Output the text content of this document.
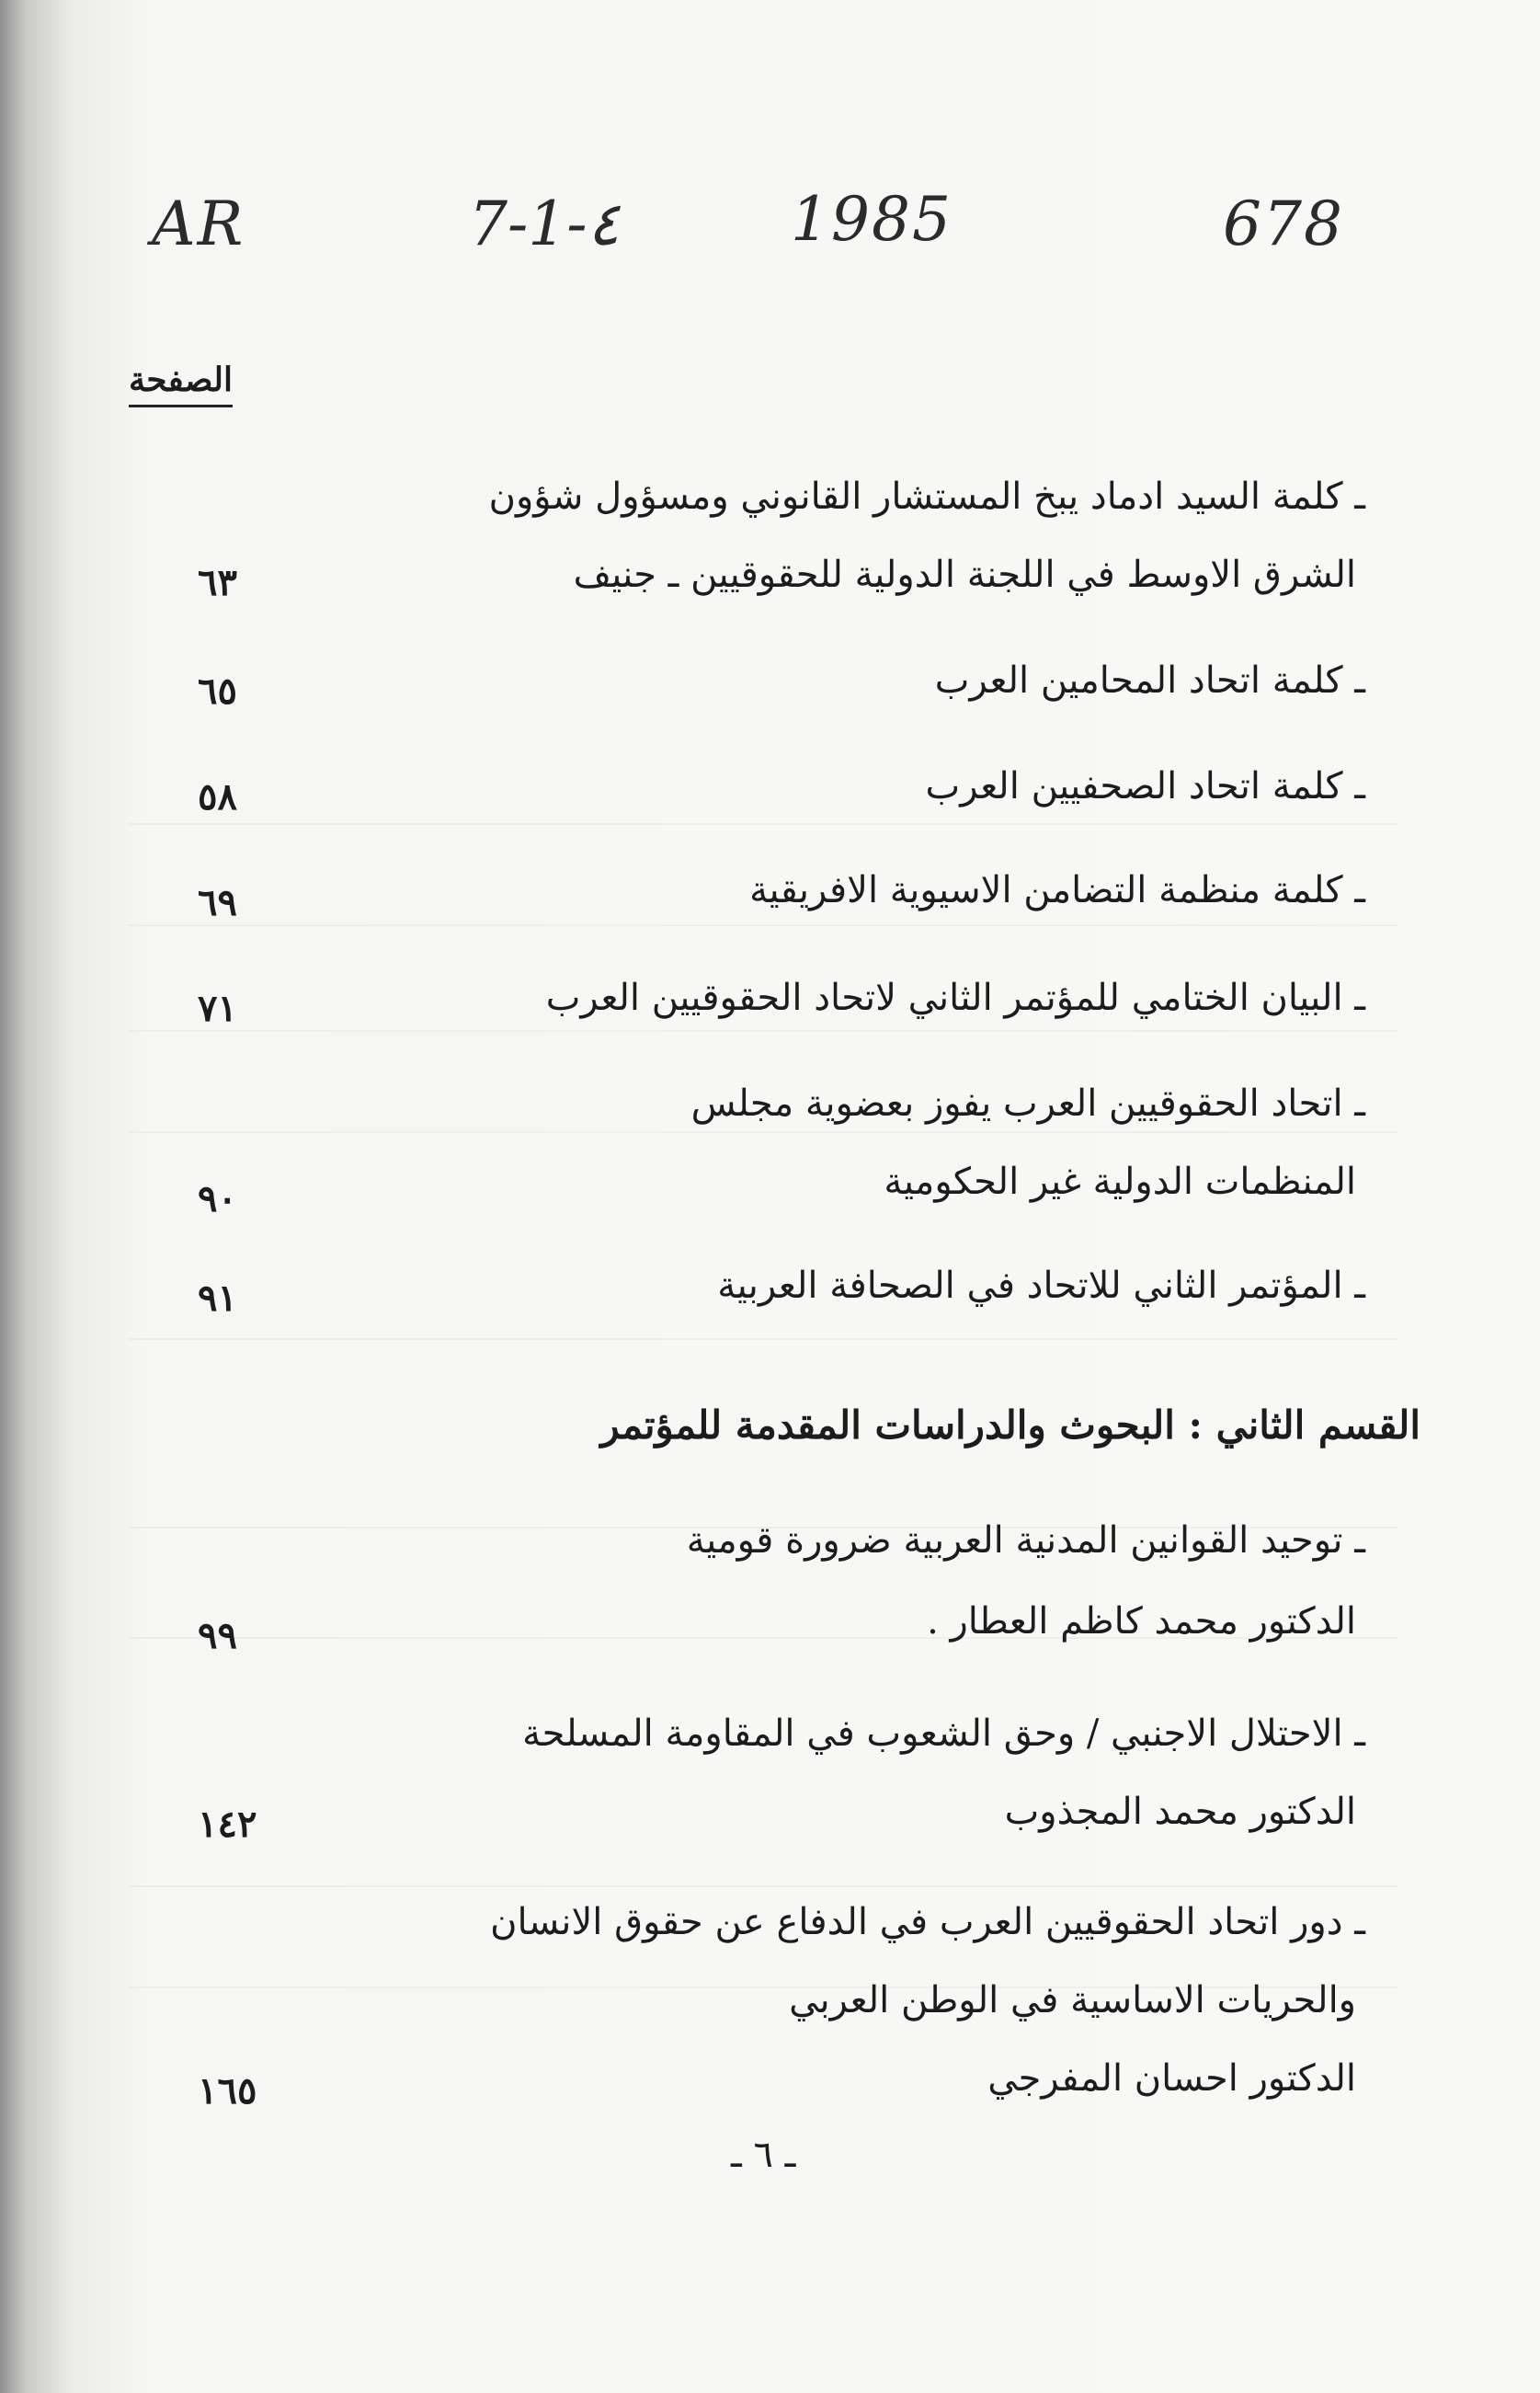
AR	7-1-٤	1985	678
الصفحة
ـ كلمة السيد ادماد يبخ المستشار القانوني ومسؤول شؤون
الشرق الاوسط في اللجنة الدولية للحقوقيين ـ جنيف
٦٣
ـ كلمة اتحاد المحامين العرب
٦٥
ـ كلمة اتحاد الصحفيين العرب
٥٨
ـ كلمة منظمة التضامن الاسيوية الافريقية
٦٩
ـ البيان الختامي للمؤتمر الثاني لاتحاد الحقوقيين العرب
٧١
ـ اتحاد الحقوقيين العرب يفوز بعضوية مجلس
المنظمات الدولية غير الحكومية
٩٠
ـ المؤتمر الثاني للاتحاد في الصحافة العربية
٩١
القسم الثاني : البحوث والدراسات المقدمة للمؤتمر
ـ توحيد القوانين المدنية العربية ضرورة قومية
الدكتور محمد كاظم العطار .
٩٩
ـ الاحتلال الاجنبي / وحق الشعوب في المقاومة المسلحة
الدكتور محمد المجذوب
١٤٢
ـ دور اتحاد الحقوقيين العرب في الدفاع عن حقوق الانسان
والحريات الاساسية في الوطن العربي
الدكتور احسان المفرجي
١٦٥
ـ ٦ ـ
